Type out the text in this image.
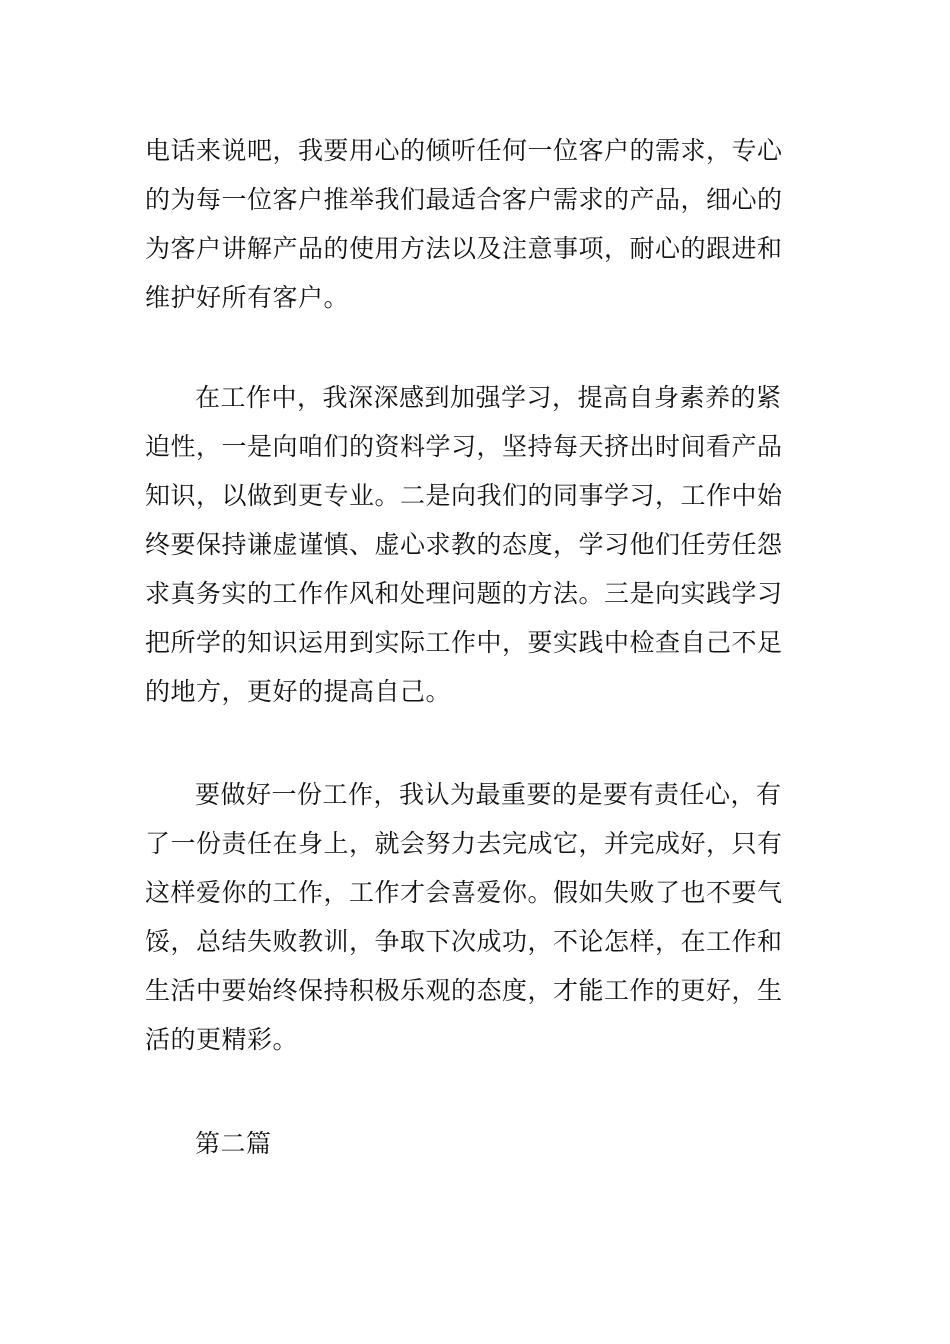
电话来说吧，我要用心的倾听任何一位客户的需求，专心
的为每一位客户推举我们最适合客户需求的产品，细心的
为客户讲解产品的使用方法以及注意事项，耐心的跟进和
维护好所有客户。
在工作中，我深深感到加强学习，提高自身素养的紧
迫性，一是向咱们的资料学习，坚持每天挤出时间看产品
知识，以做到更专业。二是向我们的同事学习，工作中始
终要保持谦虚谨慎、虚心求教的态度，学习他们任劳任怨
求真务实的工作作风和处理问题的方法。三是向实践学习
把所学的知识运用到实际工作中，要实践中检查自己不足
的地方，更好的提高自己。
要做好一份工作，我认为最重要的是要有责任心，有
了一份责任在身上，就会努力去完成它，并完成好，只有
这样爱你的工作，工作才会喜爱你。假如失败了也不要气
馁，总结失败教训，争取下次成功，不论怎样，在工作和
生活中要始终保持积极乐观的态度，才能工作的更好，生
活的更精彩。
第二篇
